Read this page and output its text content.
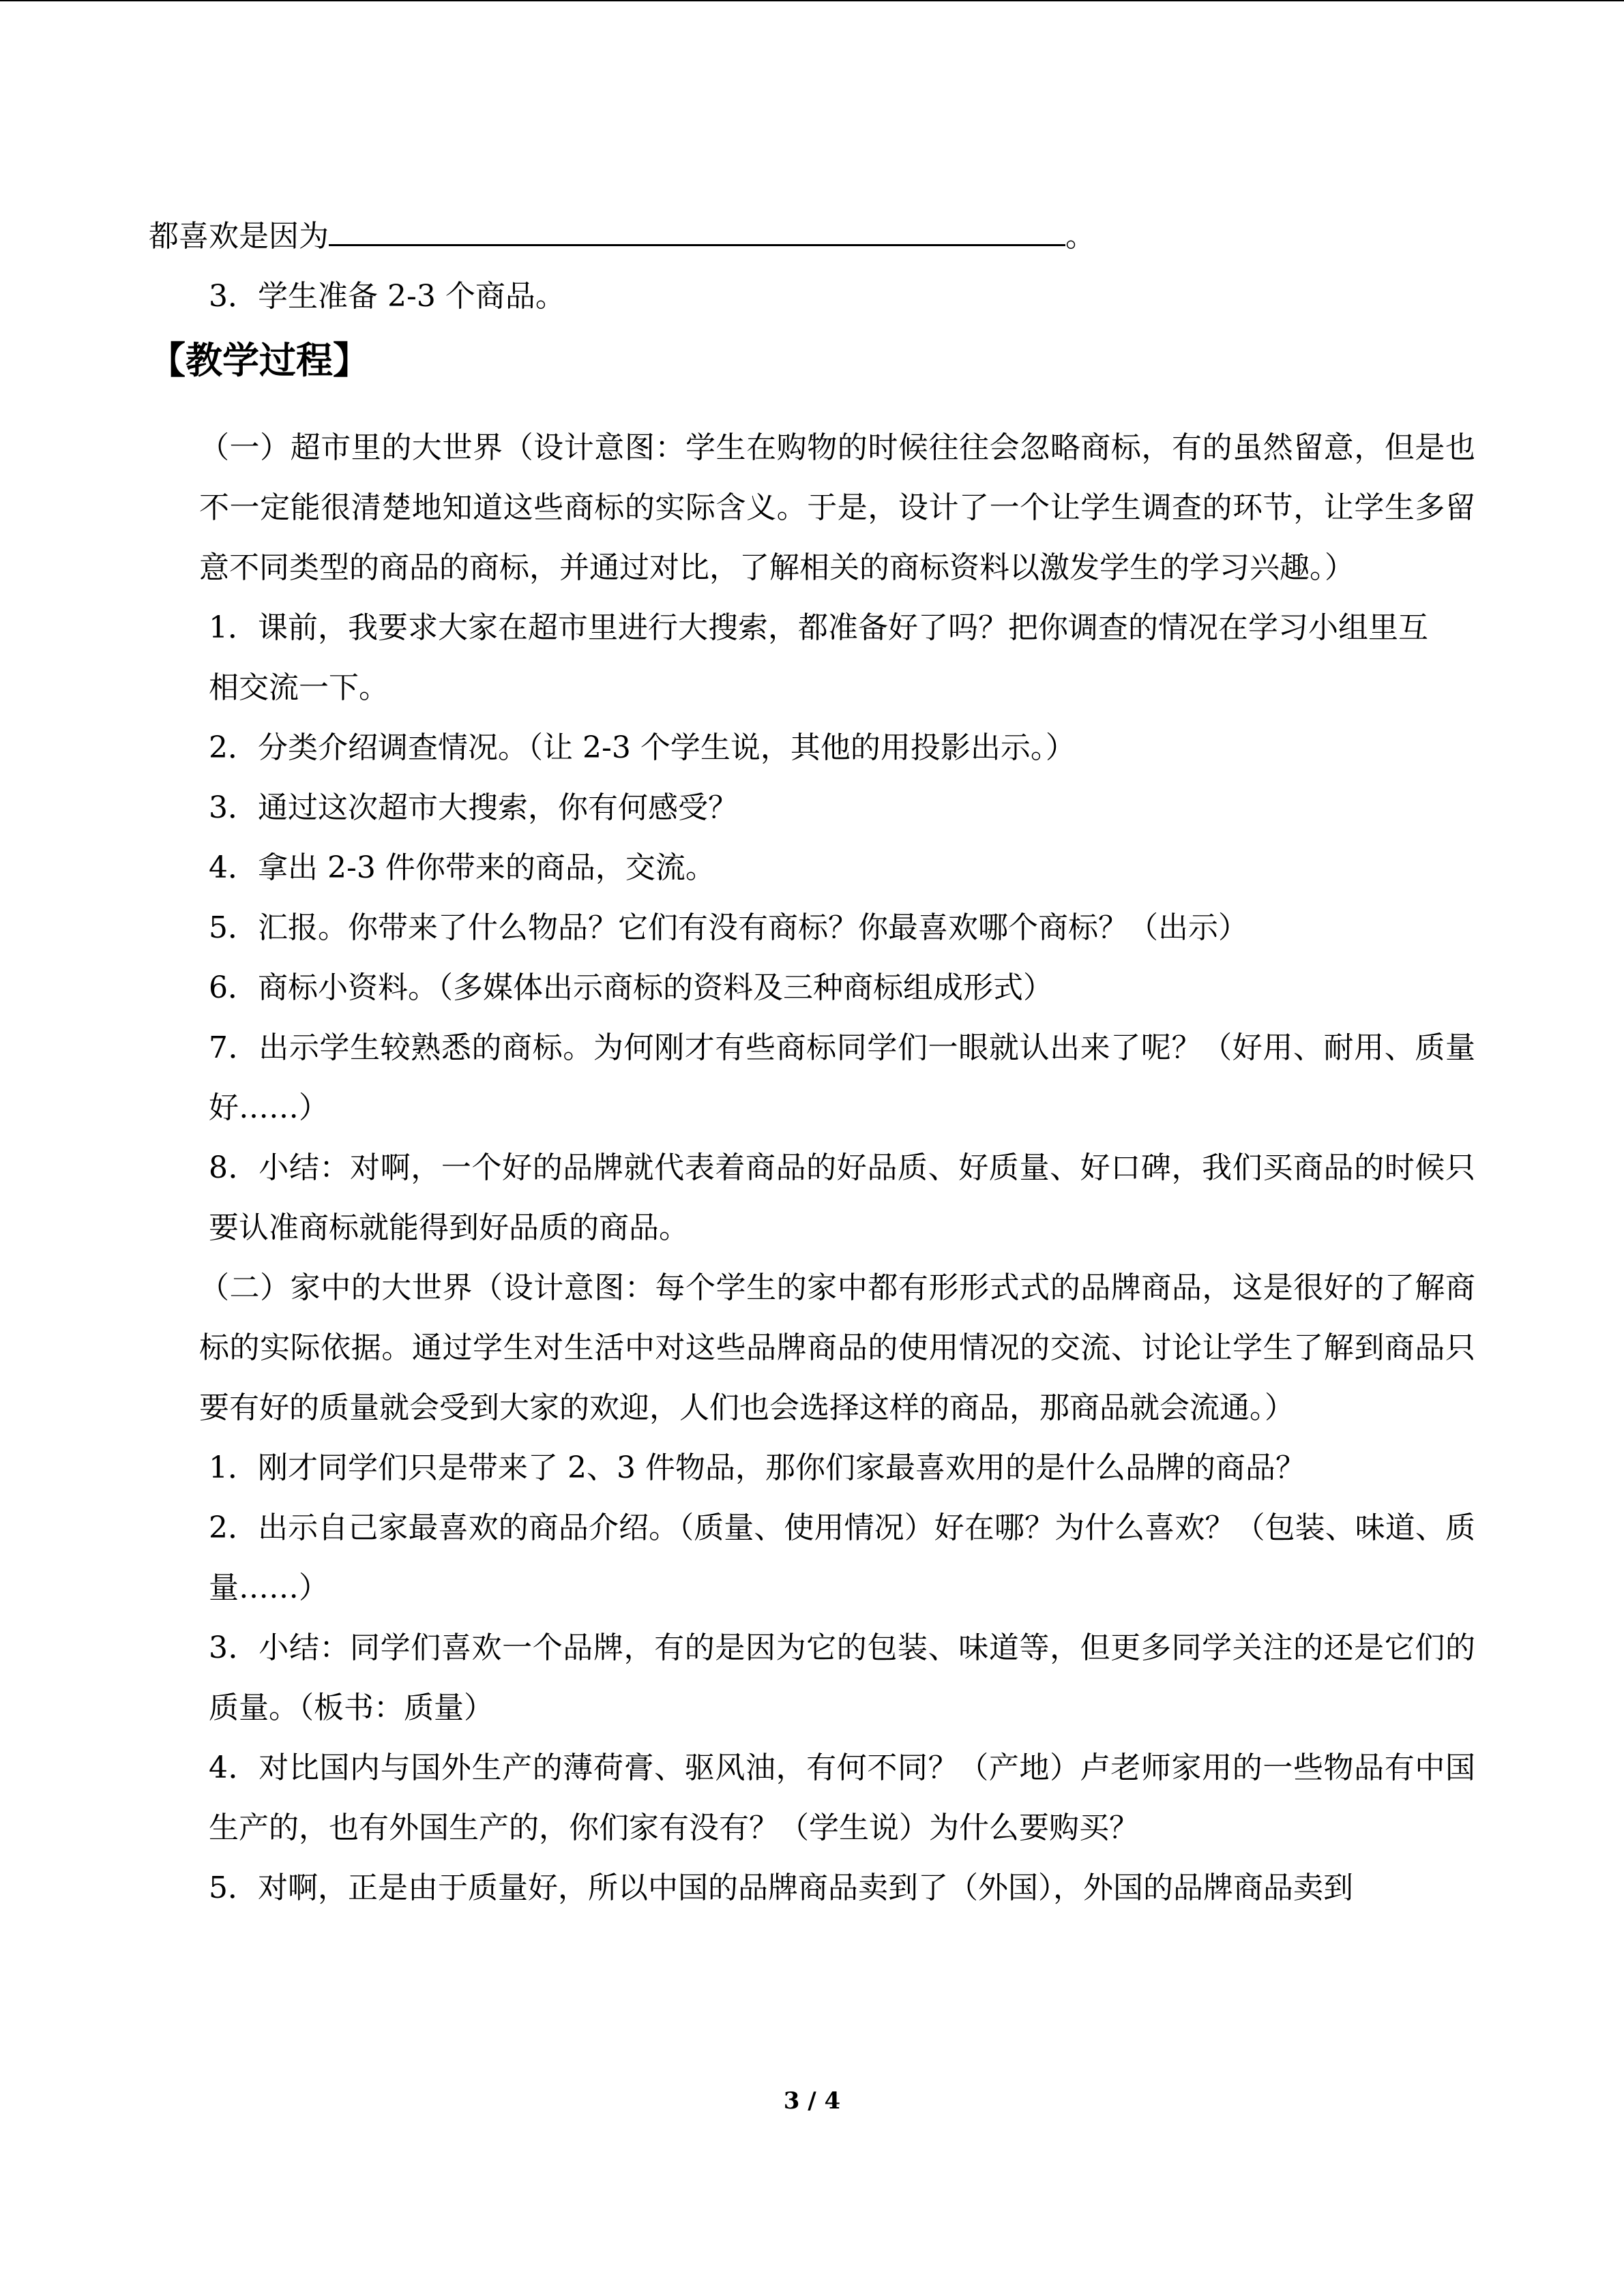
都喜欢是因为	。

3．学生准备 2-3 个商品。

【教学过程】

（一）超市里的大世界（设计意图：学生在购物的时候往往会忽略商标，有的虽然留意，但是也不一定能很清楚地知道这些商标的实际含义。于是，设计了一个让学生调查的环节，让学生多留意不同类型的商品的商标，并通过对比，了解相关的商标资料以激发学生的学习兴趣。）

1．课前，我要求大家在超市里进行大搜索，都准备好了吗？把你调查的情况在学习小组里互

相交流一下。

2．分类介绍调查情况。（让 2-3 个学生说，其他的用投影出示。）

3．通过这次超市大搜索，你有何感受？

4．拿出 2-3 件你带来的商品，交流。

5．汇报。你带来了什么物品？它们有没有商标？你最喜欢哪个商标？（出示）

6．商标小资料。（多媒体出示商标的资料及三种商标组成形式）

7．出示学生较熟悉的商标。为何刚才有些商标同学们一眼就认出来了呢？（好用、耐用、质量好……）

8．小结：对啊，一个好的品牌就代表着商品的好品质、好质量、好口碑，我们买商品的时候只要认准商标就能得到好品质的商品。

（二）家中的大世界（设计意图：每个学生的家中都有形形式式的品牌商品，这是很好的了解商标的实际依据。通过学生对生活中对这些品牌商品的使用情况的交流、讨论让学生了解到商品只要有好的质量就会受到大家的欢迎，人们也会选择这样的商品，那商品就会流通。）

1．刚才同学们只是带来了 2、3 件物品，那你们家最喜欢用的是什么品牌的商品？

2．出示自己家最喜欢的商品介绍。（质量、使用情况）好在哪？为什么喜欢？（包装、味道、质量……）

3．小结：同学们喜欢一个品牌，有的是因为它的包装、味道等，但更多同学关注的还是它们的质量。（板书：质量）

4．对比国内与国外生产的薄荷膏、驱风油，有何不同？（产地）卢老师家用的一些物品有中国生产的，也有外国生产的，你们家有没有？（学生说）为什么要购买？

5．对啊，正是由于质量好，所以中国的品牌商品卖到了（外国），外国的品牌商品卖到

3 / 4
